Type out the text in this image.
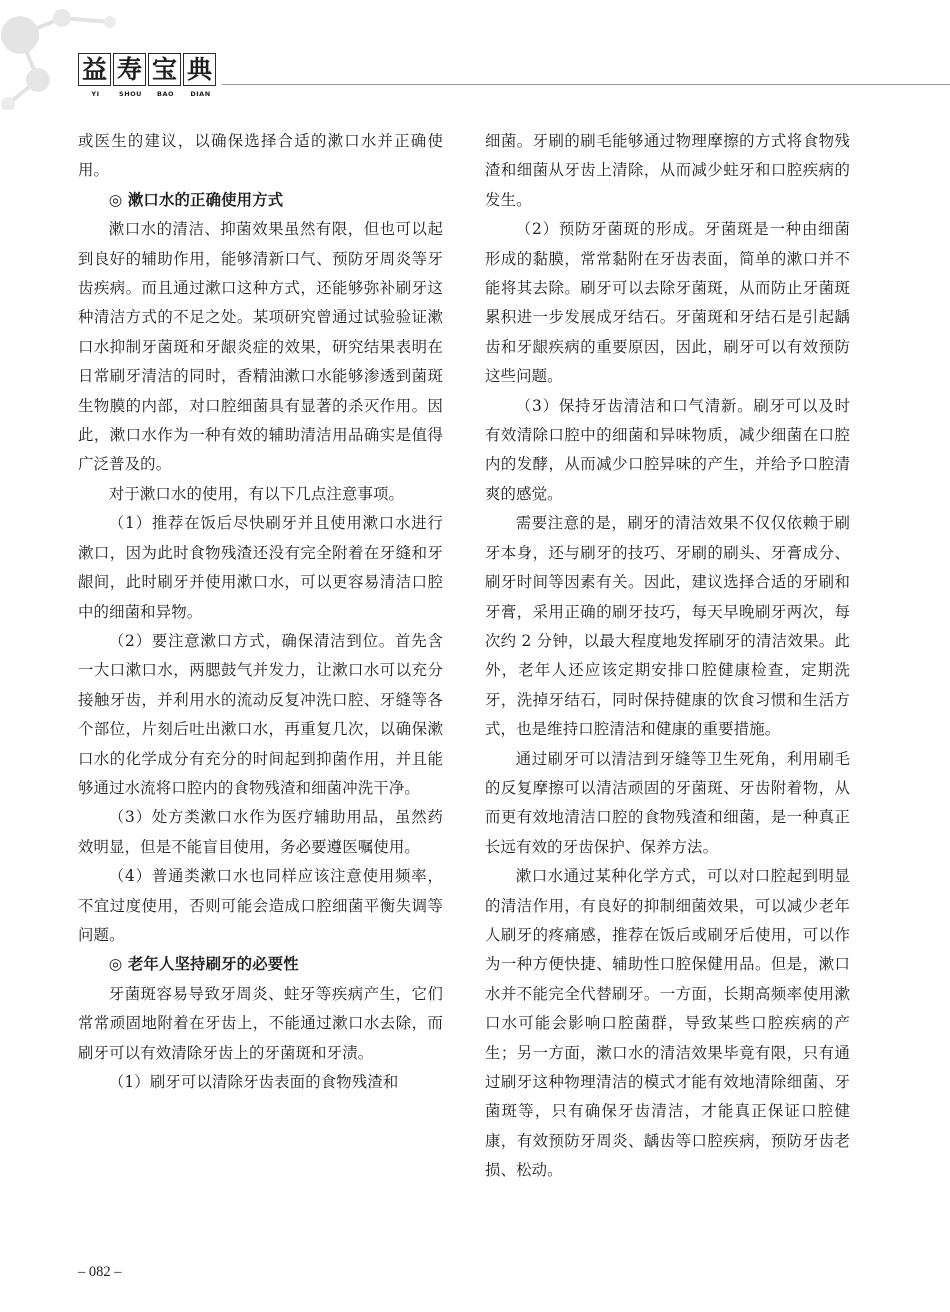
益 寿 宝 典
YI	SHOU	BAO	DIAN

或医生的建议，以确保选择合适的漱口水并正确使用。

◎ 漱口水的正确使用方式

漱口水的清洁、抑菌效果虽然有限，但也可以起到良好的辅助作用，能够清新口气、预防牙周炎等牙齿疾病。而且通过漱口这种方式，还能够弥补刷牙这种清洁方式的不足之处。某项研究曾通过试验验证漱口水抑制牙菌斑和牙龈炎症的效果，研究结果表明在日常刷牙清洁的同时，香精油漱口水能够渗透到菌斑生物膜的内部，对口腔细菌具有显著的杀灭作用。因此，漱口水作为一种有效的辅助清洁用品确实是值得广泛普及的。

对于漱口水的使用，有以下几点注意事项。

（1）推荐在饭后尽快刷牙并且使用漱口水进行漱口，因为此时食物残渣还没有完全附着在牙缝和牙龈间，此时刷牙并使用漱口水，可以更容易清洁口腔中的细菌和异物。

（2）要注意漱口方式，确保清洁到位。首先含一大口漱口水，两腮鼓气并发力，让漱口水可以充分接触牙齿，并利用水的流动反复冲洗口腔、牙缝等各个部位，片刻后吐出漱口水，再重复几次，以确保漱口水的化学成分有充分的时间起到抑菌作用，并且能够通过水流将口腔内的食物残渣和细菌冲洗干净。

（3）处方类漱口水作为医疗辅助用品，虽然药效明显，但是不能盲目使用，务必要遵医嘱使用。

（4）普通类漱口水也同样应该注意使用频率，不宜过度使用，否则可能会造成口腔细菌平衡失调等问题。

◎ 老年人坚持刷牙的必要性

牙菌斑容易导致牙周炎、蛀牙等疾病产生，它们常常顽固地附着在牙齿上，不能通过漱口水去除，而刷牙可以有效清除牙齿上的牙菌斑和牙渍。

（1）刷牙可以清除牙齿表面的食物残渣和

细菌。牙刷的刷毛能够通过物理摩擦的方式将食物残渣和细菌从牙齿上清除，从而减少蛀牙和口腔疾病的发生。

（2）预防牙菌斑的形成。牙菌斑是一种由细菌形成的黏膜，常常黏附在牙齿表面，简单的漱口并不能将其去除。刷牙可以去除牙菌斑，从而防止牙菌斑累积进一步发展成牙结石。牙菌斑和牙结石是引起龋齿和牙龈疾病的重要原因，因此，刷牙可以有效预防这些问题。

（3）保持牙齿清洁和口气清新。刷牙可以及时有效清除口腔中的细菌和异味物质，减少细菌在口腔内的发酵，从而减少口腔异味的产生，并给予口腔清爽的感觉。

需要注意的是，刷牙的清洁效果不仅仅依赖于刷牙本身，还与刷牙的技巧、牙刷的刷头、牙膏成分、刷牙时间等因素有关。因此，建议选择合适的牙刷和牙膏，采用正确的刷牙技巧，每天早晚刷牙两次，每次约 2 分钟，以最大程度地发挥刷牙的清洁效果。此外，老年人还应该定期安排口腔健康检查，定期洗牙，洗掉牙结石，同时保持健康的饮食习惯和生活方式，也是维持口腔清洁和健康的重要措施。

通过刷牙可以清洁到牙缝等卫生死角，利用刷毛的反复摩擦可以清洁顽固的牙菌斑、牙齿附着物，从而更有效地清洁口腔的食物残渣和细菌，是一种真正长远有效的牙齿保护、保养方法。

漱口水通过某种化学方式，可以对口腔起到明显的清洁作用，有良好的抑制细菌效果，可以减少老年人刷牙的疼痛感，推荐在饭后或刷牙后使用，可以作为一种方便快捷、辅助性口腔保健用品。但是，漱口水并不能完全代替刷牙。一方面，长期高频率使用漱口水可能会影响口腔菌群，导致某些口腔疾病的产生；另一方面，漱口水的清洁效果毕竟有限，只有通过刷牙这种物理清洁的模式才能有效地清除细菌、牙菌斑等，只有确保牙齿清洁，才能真正保证口腔健康，有效预防牙周炎、龋齿等口腔疾病，预防牙齿老损、松动。

– 082 –
